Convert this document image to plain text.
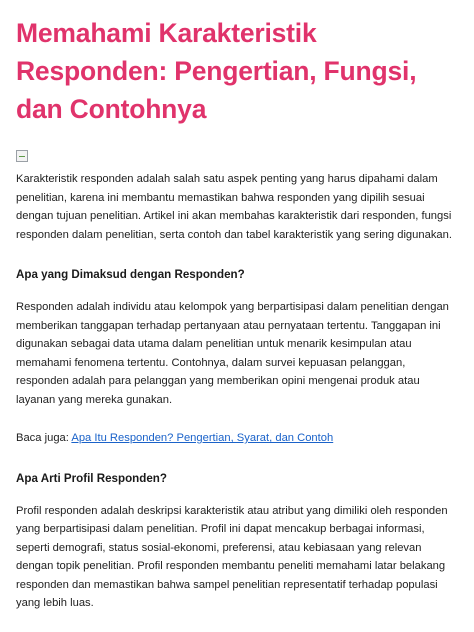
Memahami Karakteristik Responden: Pengertian, Fungsi, dan Contohnya

Karakteristik responden adalah salah satu aspek penting yang harus dipahami dalam penelitian, karena ini membantu memastikan bahwa responden yang dipilih sesuai dengan tujuan penelitian. Artikel ini akan membahas karakteristik dari responden, fungsi responden dalam penelitian, serta contoh dan tabel karakteristik yang sering digunakan.

Apa yang Dimaksud dengan Responden?

Responden adalah individu atau kelompok yang berpartisipasi dalam penelitian dengan memberikan tanggapan terhadap pertanyaan atau pernyataan tertentu. Tanggapan ini digunakan sebagai data utama dalam penelitian untuk menarik kesimpulan atau memahami fenomena tertentu. Contohnya, dalam survei kepuasan pelanggan, responden adalah para pelanggan yang memberikan opini mengenai produk atau layanan yang mereka gunakan.

Baca juga: Apa Itu Responden? Pengertian, Syarat, dan Contoh

Apa Arti Profil Responden?

Profil responden adalah deskripsi karakteristik atau atribut yang dimiliki oleh responden yang berpartisipasi dalam penelitian. Profil ini dapat mencakup berbagai informasi, seperti demografi, status sosial-ekonomi, preferensi, atau kebiasaan yang relevan dengan topik penelitian. Profil responden membantu peneliti memahami latar belakang responden dan memastikan bahwa sampel penelitian representatif terhadap populasi yang lebih luas.
